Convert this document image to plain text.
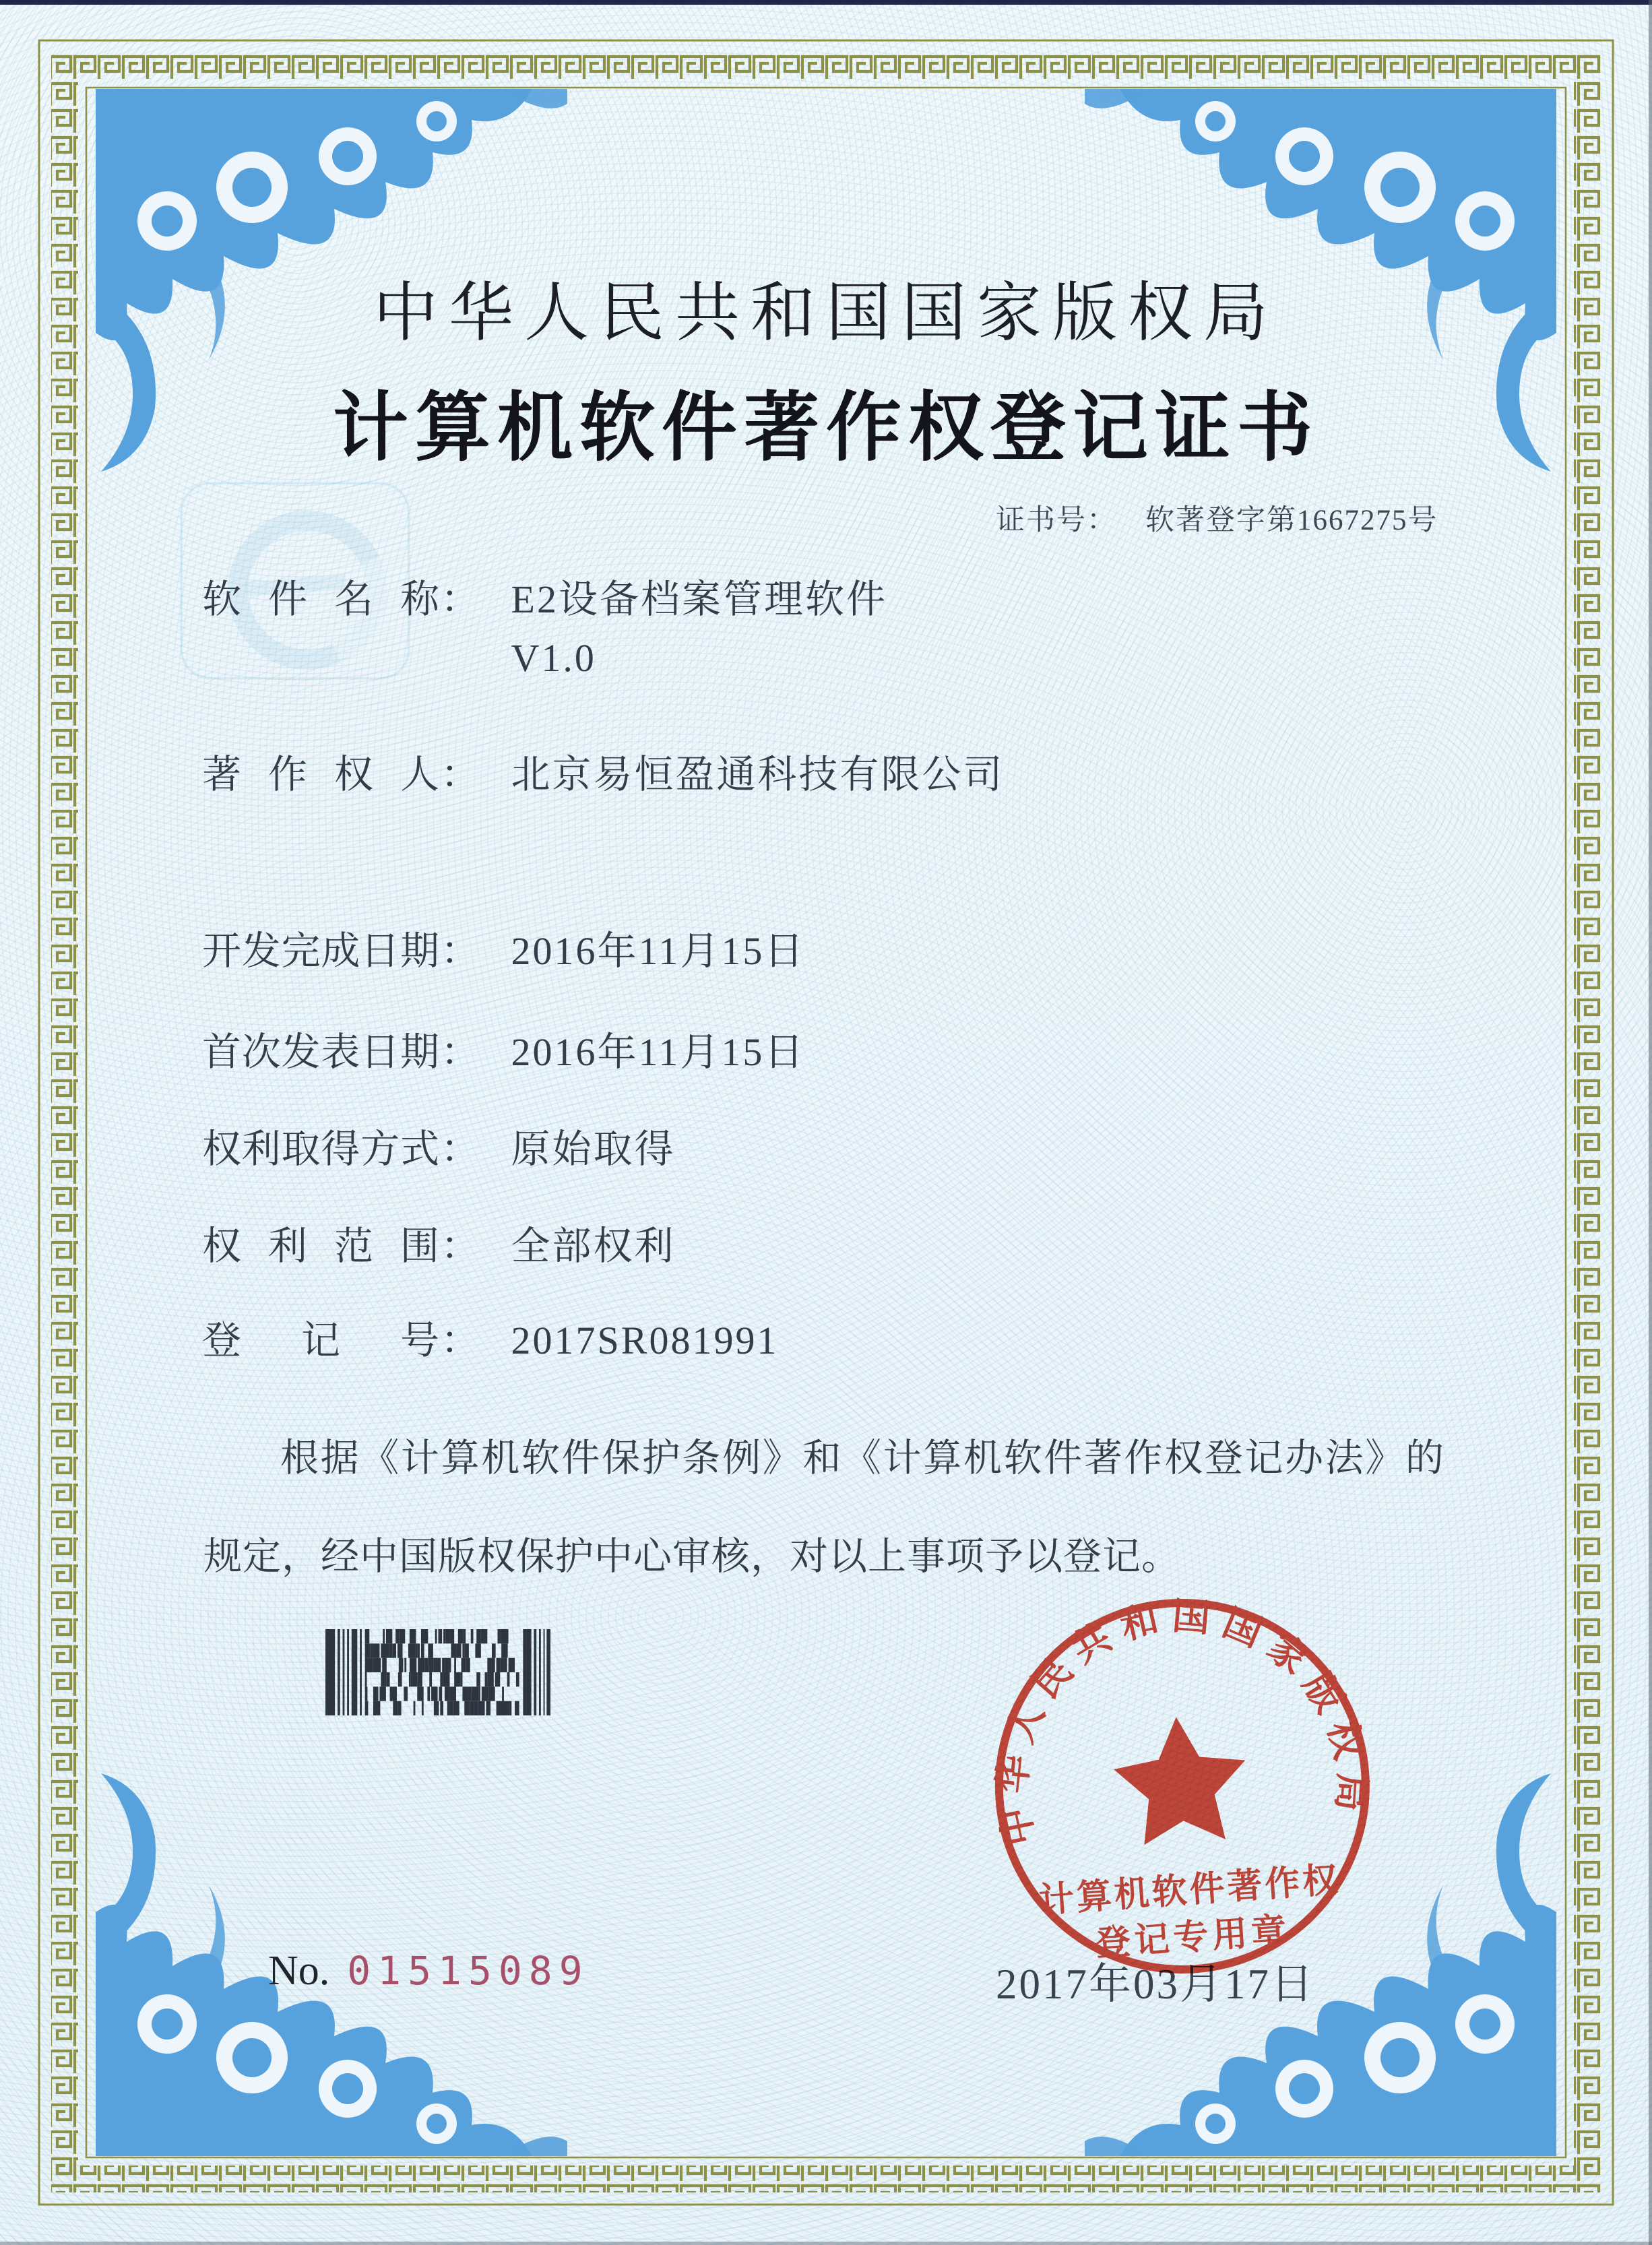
中华人民共和国国家版权局
计算机软件著作权登记证书
证书号： 软著登字第1667275号
软件名称： E2设备档案管理软件
V1.0
著作权人： 北京易恒盈通科技有限公司
开发完成日期： 2016年11月15日
首次发表日期： 2016年11月15日
权利取得方式： 原始取得
权利范围： 全部权利
登记号： 2017SR081991
根据《计算机软件保护条例》和《计算机软件著作权登记办法》的规定，经中国版权保护中心审核，对以上事项予以登记。
中华人民共和国国家版权局
计算机软件著作权
登记专用章
2017年03月17日
No. 01515089
